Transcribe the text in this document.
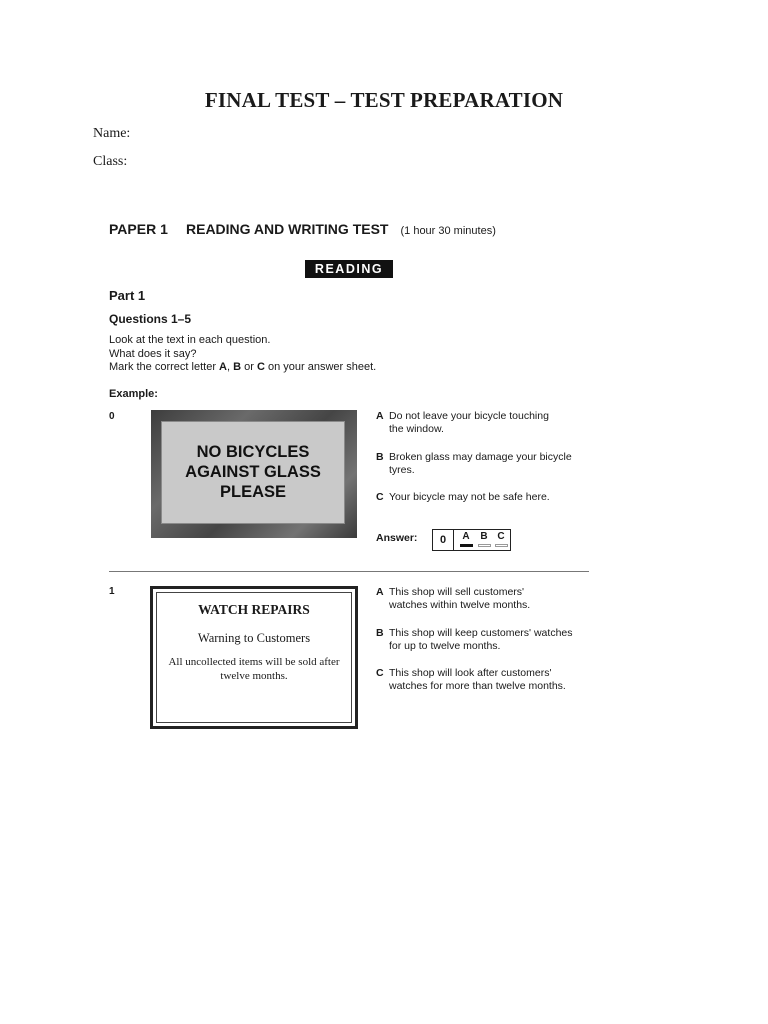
FINAL TEST – TEST PREPARATION
Name:
Class:
PAPER 1 READING AND WRITING TEST (1 hour 30 minutes)
READING
Part 1
Questions 1–5
Look at the text in each question.
What does it say?
Mark the correct letter A, B or C on your answer sheet.
Example:
0
NO BICYCLES
AGAINST GLASS
PLEASE
A Do not leave your bicycle touching
the window.
B Broken glass may damage your bicycle
tyres.
C Your bicycle may not be safe here.
Answer:	0	A	B C
1
WATCH REPAIRS
Warning to Customers
All uncollected items will be sold after
twelve months.
A This shop will sell customers'
watches within twelve months.
B This shop will keep customers' watches
for up to twelve months.
C This shop will look after customers'
watches for more than twelve months.
